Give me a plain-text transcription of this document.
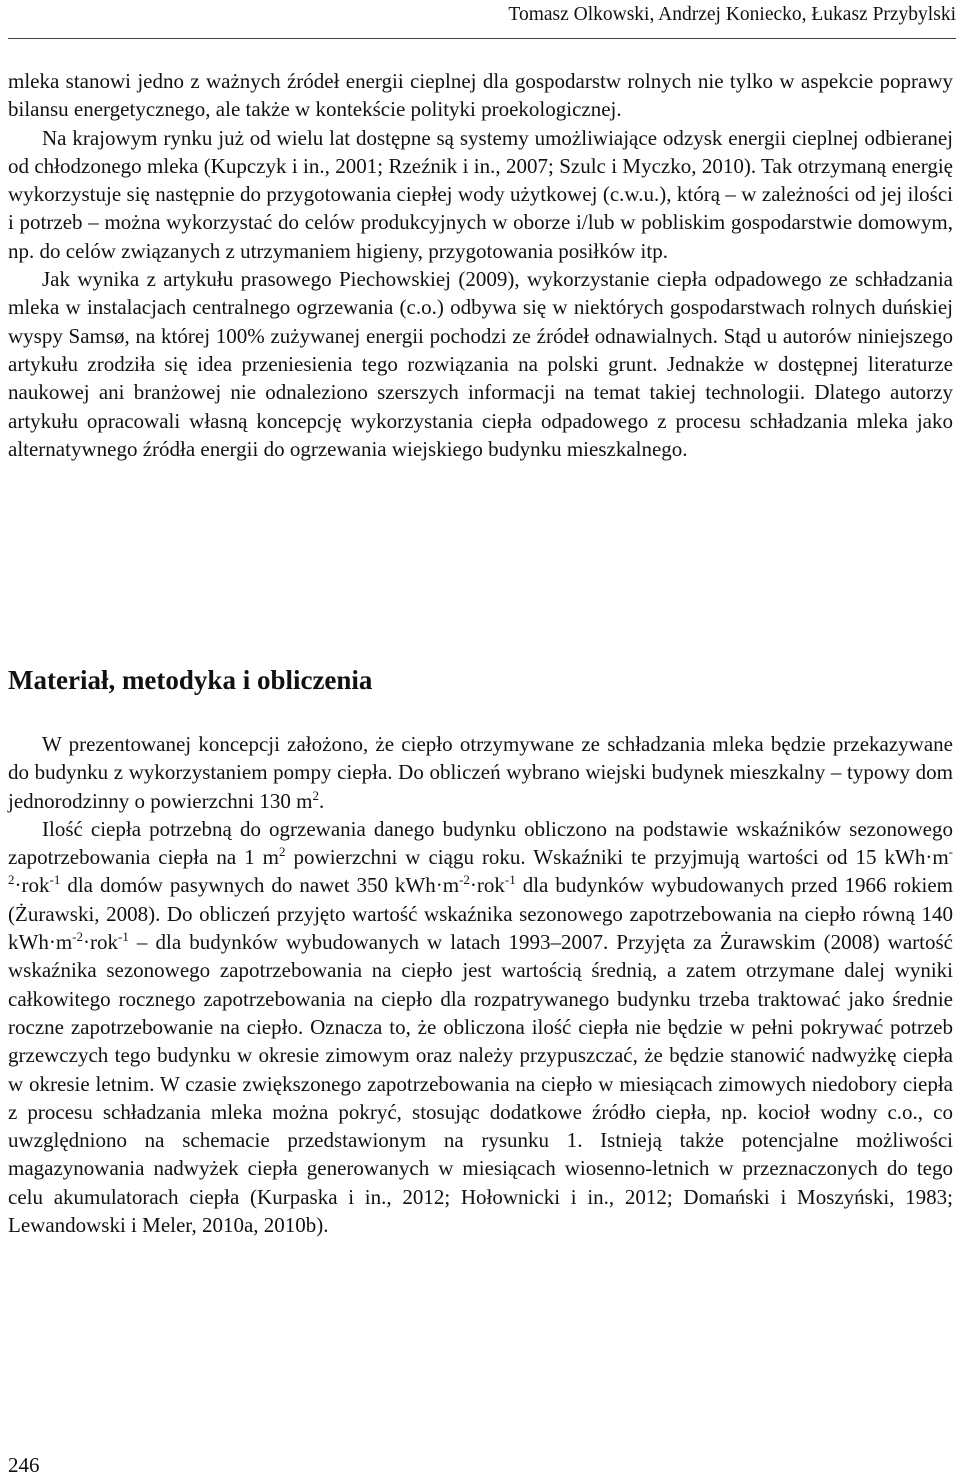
Tomasz Olkowski, Andrzej Koniecko, Łukasz Przybylski

mleka stanowi jedno z ważnych źródeł energii cieplnej dla gospodarstw rolnych nie tylko w aspekcie poprawy bilansu energetycznego, ale także w kontekście polityki proekologicznej.

Na krajowym rynku już od wielu lat dostępne są systemy umożliwiające odzysk energii cieplnej odbieranej od chłodzonego mleka (Kupczyk i in., 2001; Rzeźnik i in., 2007; Szulc i Myczko, 2010). Tak otrzymaną energię wykorzystuje się następnie do przygotowania ciepłej wody użytkowej (c.w.u.), którą – w zależności od jej ilości i potrzeb – można wykorzystać do celów produkcyjnych w oborze i/lub w pobliskim gospodarstwie domowym, np. do celów związanych z utrzymaniem higieny, przygotowania posiłków itp.

Jak wynika z artykułu prasowego Piechowskiej (2009), wykorzystanie ciepła odpadowego ze schładzania mleka w instalacjach centralnego ogrzewania (c.o.) odbywa się w niektórych gospodarstwach rolnych duńskiej wyspy Samsø, na której 100% zużywanej energii pochodzi ze źródeł odnawialnych. Stąd u autorów niniejszego artykułu zrodziła się idea przeniesienia tego rozwiązania na polski grunt. Jednakże w dostępnej literaturze naukowej ani branżowej nie odnaleziono szerszych informacji na temat takiej technologii. Dlatego autorzy artykułu opracowali własną koncepcję wykorzystania ciepła odpadowego z procesu schładzania mleka jako alternatywnego źródła energii do ogrzewania wiejskiego budynku mieszkalnego.

Materiał, metodyka i obliczenia

W prezentowanej koncepcji założono, że ciepło otrzymywane ze schładzania mleka będzie przekazywane do budynku z wykorzystaniem pompy ciepła. Do obliczeń wybrano wiejski budynek mieszkalny – typowy dom jednorodzinny o powierzchni 130 $m^2$.

Ilość ciepła potrzebną do ogrzewania danego budynku obliczono na podstawie wskaźników sezonowego zapotrzebowania ciepła na 1 $m^2$ powierzchni w ciągu roku. Wskaźniki te przyjmują wartości od 15 $kWh\cdot m^{-2}\cdot rok^{-1}$ dla domów pasywnych do nawet 350 $kWh\cdot m^{-2}\cdot rok^{-1}$ dla budynków wybudowanych przed 1966 rokiem (Żurawski, 2008). Do obliczeń przyjęto wartość wskaźnika sezonowego zapotrzebowania na ciepło równą 140 $kWh\cdot m^{-2}\cdot rok^{-1}$ – dla budynków wybudowanych w latach 1993–2007. Przyjęta za Żurawskim (2008) wartość wskaźnika sezonowego zapotrzebowania na ciepło jest wartością średnią, a zatem otrzymane dalej wyniki całkowitego rocznego zapotrzebowania na ciepło dla rozpatrywanego budynku trzeba traktować jako średnie roczne zapotrzebowanie na ciepło. Oznacza to, że obliczona ilość ciepła nie będzie w pełni pokrywać potrzeb grzewczych tego budynku w okresie zimowym oraz należy przypuszczać, że będzie stanowić nadwyżkę ciepła w okresie letnim. W czasie zwiększonego zapotrzebowania na ciepło w miesiącach zimowych niedobory ciepła z procesu schładzania mleka można pokryć, stosując dodatkowe źródło ciepła, np. kocioł wodny c.o., co uwzględniono na schemacie przedstawionym na rysunku 1. Istnieją także potencjalne możliwości magazynowania nadwyżek ciepła generowanych w miesiącach wiosenno-letnich w przeznaczonych do tego celu akumulatorach ciepła (Kurpaska i in., 2012; Hołownicki i in., 2012; Domański i Moszyński, 1983; Lewandowski i Meler, 2010a, 2010b).

246
